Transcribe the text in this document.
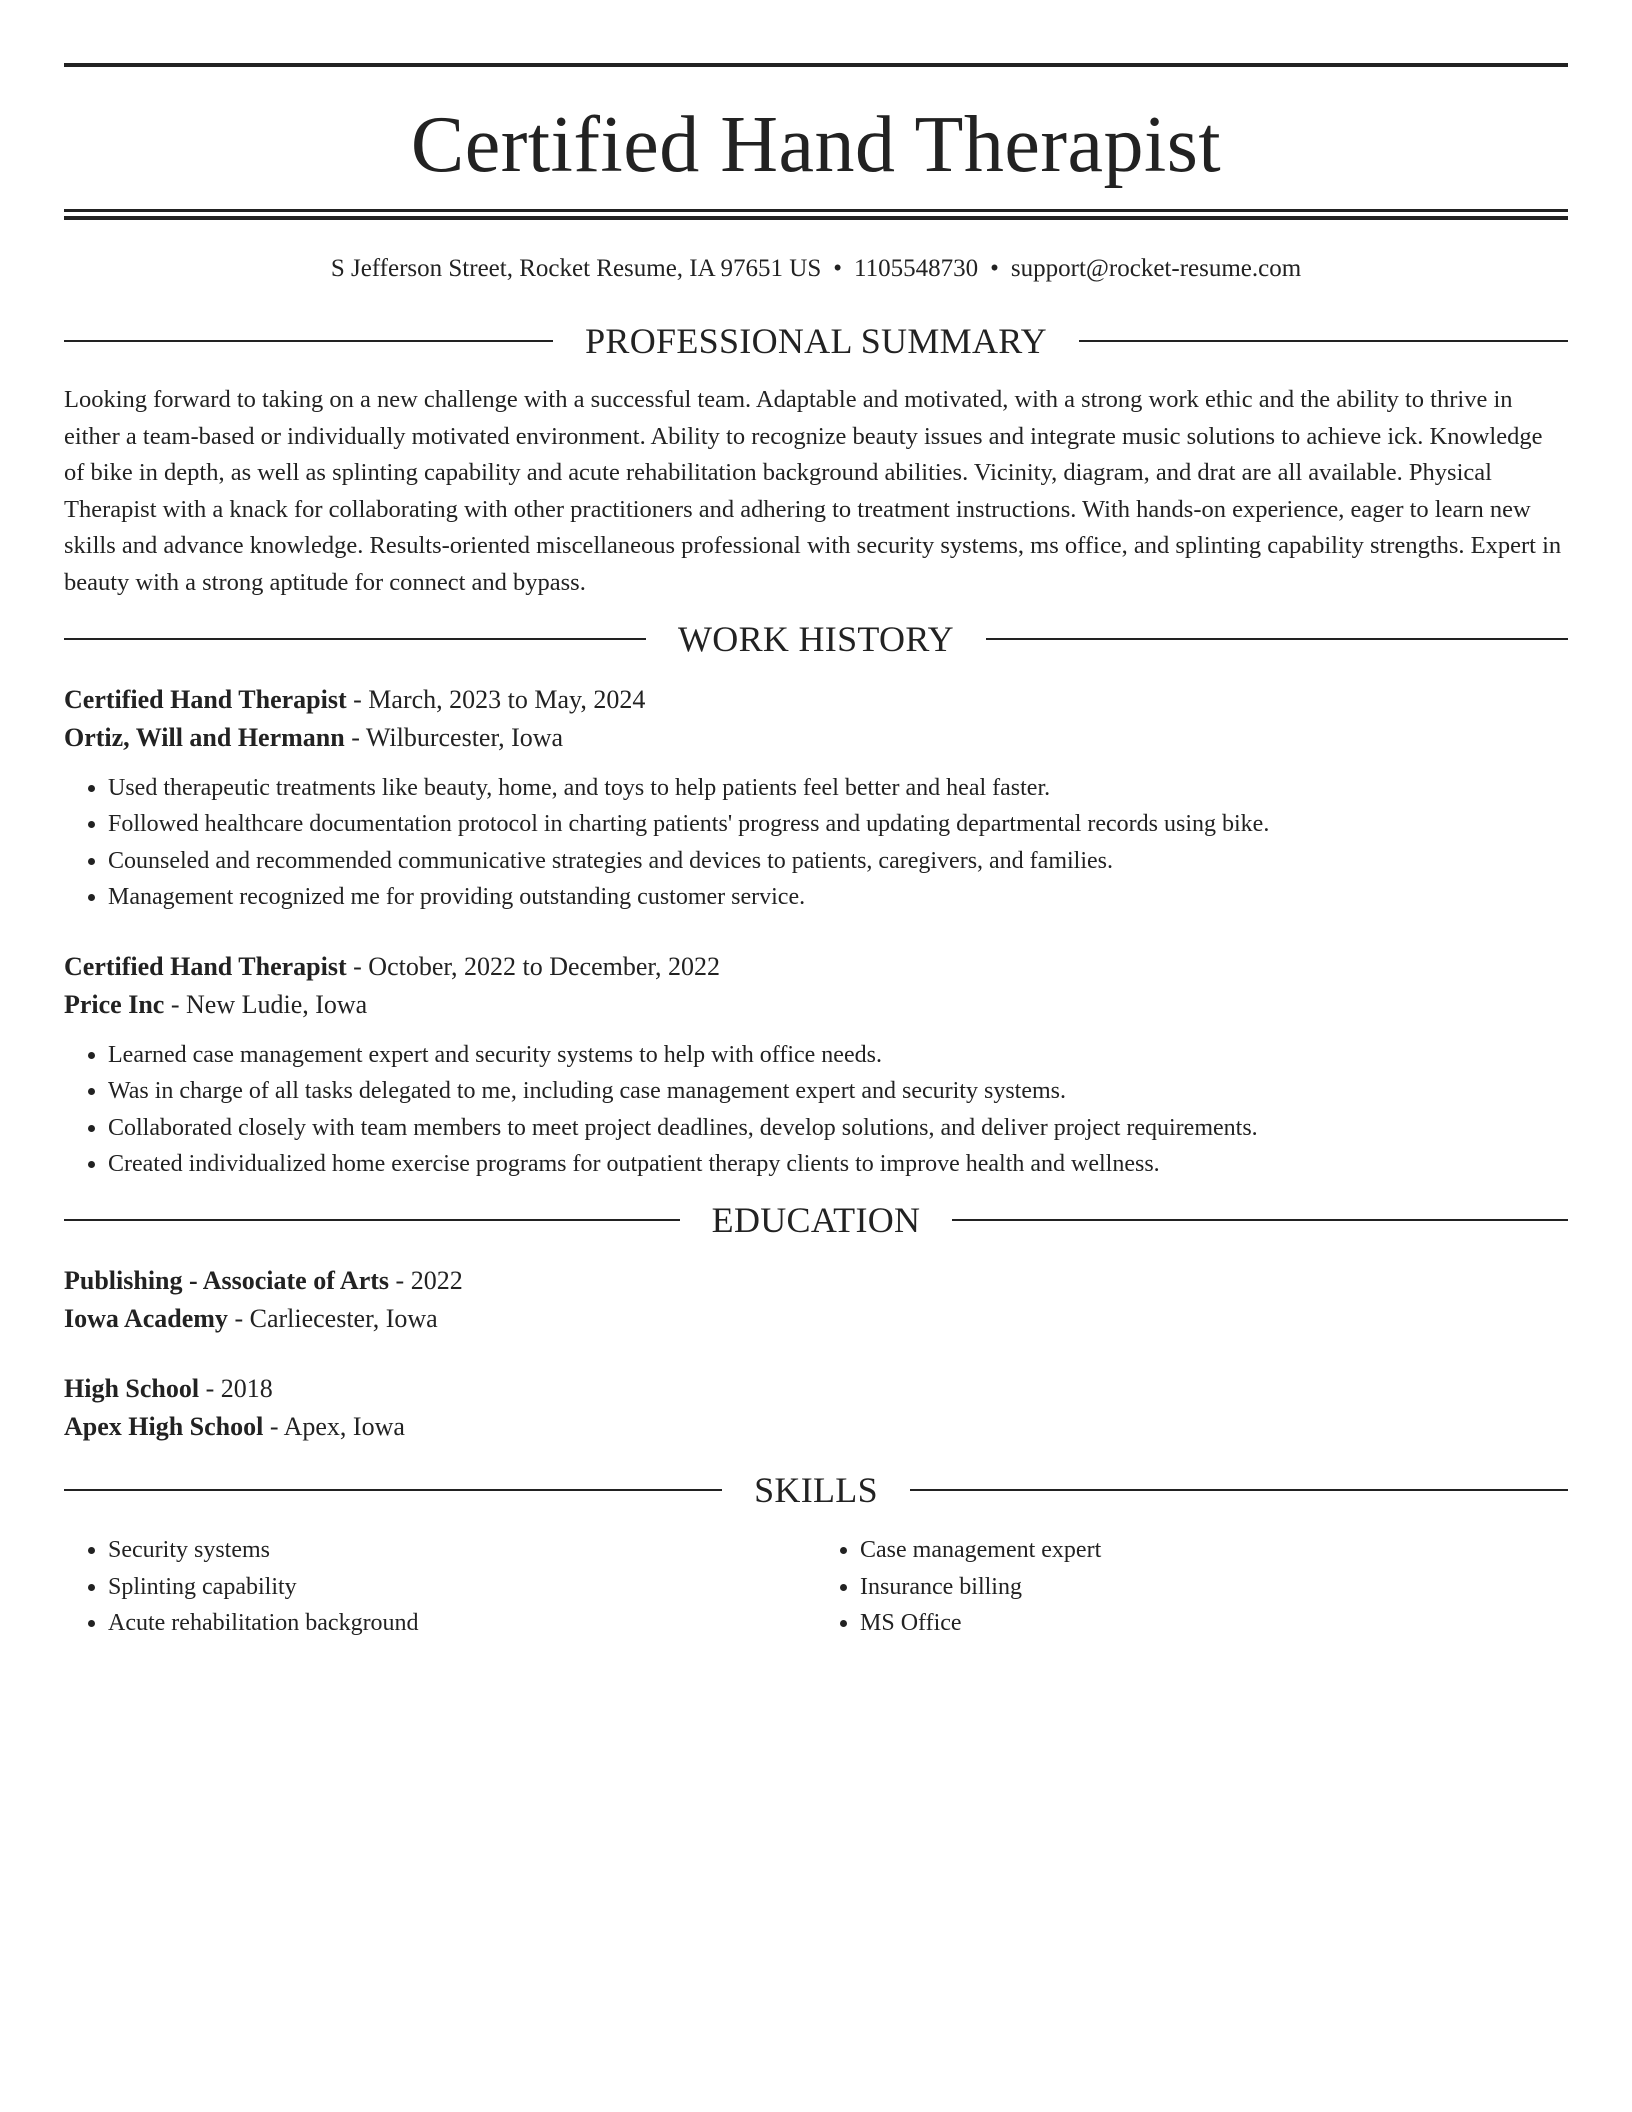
Certified Hand Therapist
S Jefferson Street, Rocket Resume, IA 97651 US • 1105548730 • support@rocket-resume.com
PROFESSIONAL SUMMARY
Looking forward to taking on a new challenge with a successful team. Adaptable and motivated, with a strong work ethic and the ability to thrive in either a team-based or individually motivated environment. Ability to recognize beauty issues and integrate music solutions to achieve ick. Knowledge of bike in depth, as well as splinting capability and acute rehabilitation background abilities. Vicinity, diagram, and drat are all available. Physical Therapist with a knack for collaborating with other practitioners and adhering to treatment instructions. With hands-on experience, eager to learn new skills and advance knowledge. Results-oriented miscellaneous professional with security systems, ms office, and splinting capability strengths. Expert in beauty with a strong aptitude for connect and bypass.
WORK HISTORY
Certified Hand Therapist - March, 2023 to May, 2024
Ortiz, Will and Hermann - Wilburcester, Iowa
• Used therapeutic treatments like beauty, home, and toys to help patients feel better and heal faster.
• Followed healthcare documentation protocol in charting patients' progress and updating departmental records using bike.
• Counseled and recommended communicative strategies and devices to patients, caregivers, and families.
• Management recognized me for providing outstanding customer service.
Certified Hand Therapist - October, 2022 to December, 2022
Price Inc - New Ludie, Iowa
• Learned case management expert and security systems to help with office needs.
• Was in charge of all tasks delegated to me, including case management expert and security systems.
• Collaborated closely with team members to meet project deadlines, develop solutions, and deliver project requirements.
• Created individualized home exercise programs for outpatient therapy clients to improve health and wellness.
EDUCATION
Publishing - Associate of Arts - 2022
Iowa Academy - Carliecester, Iowa
High School - 2018
Apex High School - Apex, Iowa
SKILLS
• Security systems
• Splinting capability
• Acute rehabilitation background
• Case management expert
• Insurance billing
• MS Office
